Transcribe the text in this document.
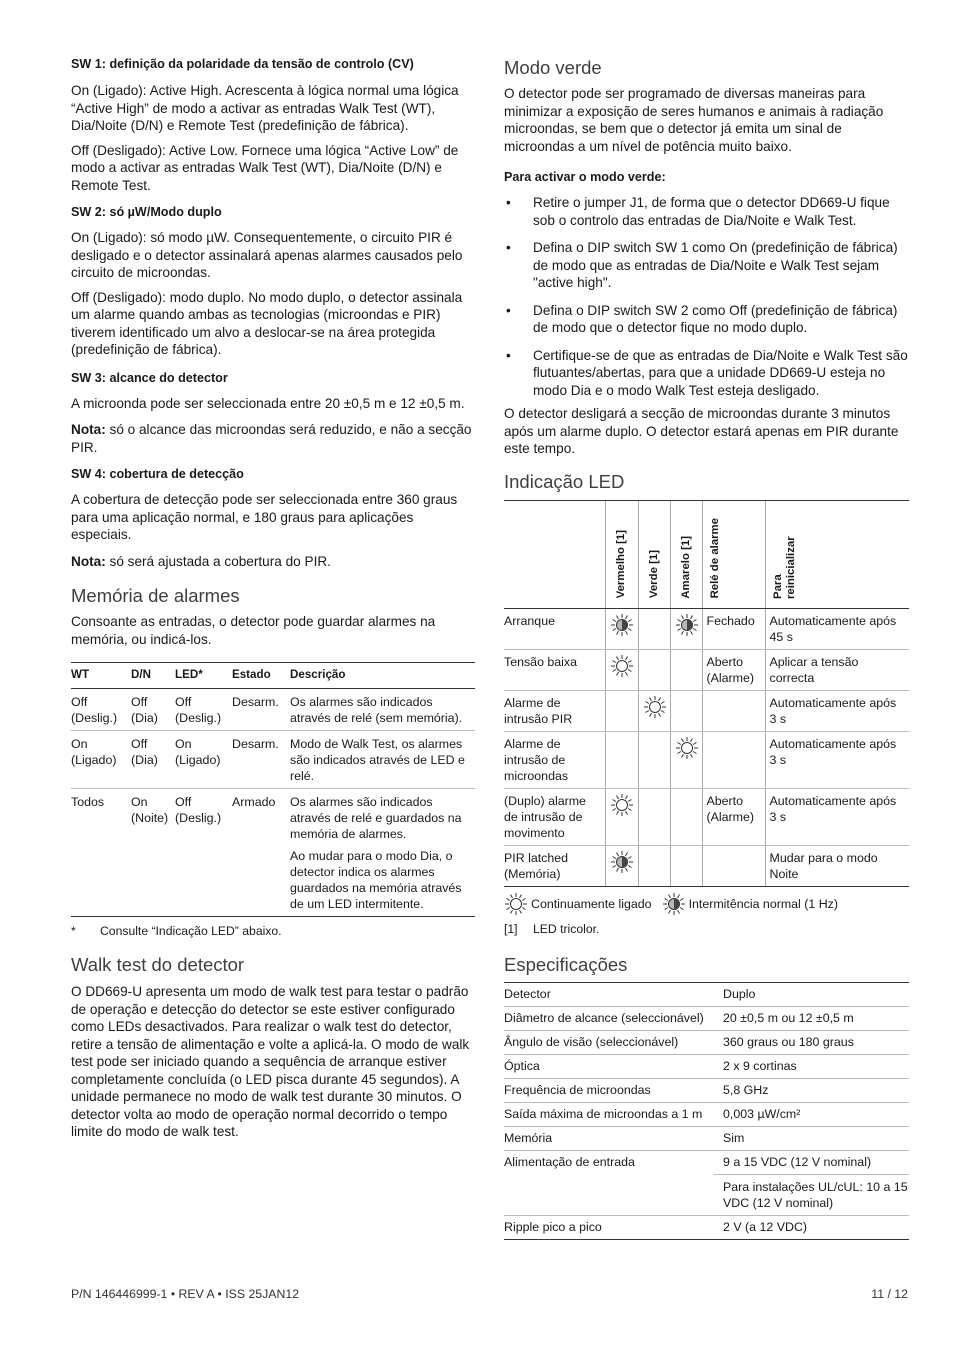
SW 1: definição da polaridade da tensão de controlo (CV)

On (Ligado): Active High. Acrescenta à lógica normal uma lógica “Active High” de modo a activar as entradas Walk Test (WT), Dia/Noite (D/N) e Remote Test (predefinição de fábrica).

Off (Desligado): Active Low. Fornece uma lógica “Active Low” de modo a activar as entradas Walk Test (WT), Dia/Noite (D/N) e Remote Test.

SW 2: só µW/Modo duplo

On (Ligado): só modo µW. Consequentemente, o circuito PIR é desligado e o detector assinalará apenas alarmes causados pelo circuito de microondas.

Off (Desligado): modo duplo. No modo duplo, o detector assinala um alarme quando ambas as tecnologias (microondas e PIR) tiverem identificado um alvo a deslocar-se na área protegida (predefinição de fábrica).

SW 3: alcance do detector

A microonda pode ser seleccionada entre 20 ±0,5 m e 12 ±0,5 m.

Nota: só o alcance das microondas será reduzido, e não a secção PIR.

SW 4: cobertura de detecção

A cobertura de detecção pode ser seleccionada entre 360 graus para uma aplicação normal, e 180 graus para aplicações especiais.

Nota: só será ajustada a cobertura do PIR.

Memória de alarmes

Consoante as entradas, o detector pode guardar alarmes na memória, ou indicá-los.

WT	D/N	LED*	Estado	Descrição
Off (Deslig.)	Off (Dia)	Off (Deslig.)	Desarm.	Os alarmes são indicados através de relé (sem memória).
On (Ligado)	Off (Dia)	On (Ligado)	Desarm.	Modo de Walk Test, os alarmes são indicados através de LED e relé.
Todos	On (Noite)	Off (Deslig.)	Armado	Os alarmes são indicados através de relé e guardados na memória de alarmes.
Ao mudar para o modo Dia, o detector indica os alarmes guardados na memória através de um LED intermitente.
*	Consulte “Indicação LED” abaixo.
Walk test do detector

O DD669-U apresenta um modo de walk test para testar o padrão de operação e detecção do detector se este estiver configurado como LEDs desactivados. Para realizar o walk test do detector, retire a tensão de alimentação e volte a aplicá-la. O modo de walk test pode ser iniciado quando a sequência de arranque estiver completamente concluída (o LED pisca durante 45 segundos). A unidade permanece no modo de walk test durante 30 minutos. O detector volta ao modo de operação normal decorrido o tempo limite do modo de walk test.

Modo verde

O detector pode ser programado de diversas maneiras para minimizar a exposição de seres humanos e animais à radiação microondas, se bem que o detector já emita um sinal de microondas a um nível de potência muito baixo.

Para activar o modo verde:
•	Retire o jumper J1, de forma que o detector DD669-U fique sob o controlo das entradas de Dia/Noite e Walk Test.
•	Defina o DIP switch SW 1 como On (predefinição de fábrica) de modo que as entradas de Dia/Noite e Walk Test sejam "active high".
•	Defina o DIP switch SW 2 como Off (predefinição de fábrica) de modo que o detector fique no modo duplo.
•	Certifique-se de que as entradas de Dia/Noite e Walk Test são flutuantes/abertas, para que a unidade DD669-U esteja no modo Dia e o modo Walk Test esteja desligado.

O detector desligará a secção de microondas durante 3 minutos após um alarme duplo. O detector estará apenas em PIR durante este tempo.

Indicação LED
	Vermelho [1]	Verde [1]	Amarelo [1]	Relé de alarme	Para reinicializar
Arranque				Fechado	Automaticamente após 45 s
Tensão baixa				Aberto (Alarme)	Aplicar a tensão correcta
Alarme de intrusão PIR					Automaticamente após 3 s
Alarme de intrusão de microondas					Automaticamente após 3 s
(Duplo) alarme de intrusão de movimento				Aberto (Alarme)	Automaticamente após 3 s
PIR latched (Memória)					Mudar para o modo Noite
Continuamente ligado	Intermitência normal (1 Hz)
[1]	LED tricolor.
Especificações
Detector	Duplo
Diâmetro de alcance (seleccionável)	20 ±0,5 m ou 12 ±0,5 m
Ângulo de visão (seleccionável)	360 graus ou 180 graus
Óptica	2 x 9 cortinas
Frequência de microondas	5,8 GHz
Saída máxima de microondas a 1 m	0,003 µW/cm²
Memória	Sim
Alimentação de entrada	9 a 15 VDC (12 V nominal)
Para instalações UL/cUL: 10 a 15 VDC (12 V nominal)

Ripple pico a pico	2 V (a 12 VDC)
P/N 146446999-1 • REV A • ISS 25JAN12	11 / 12
